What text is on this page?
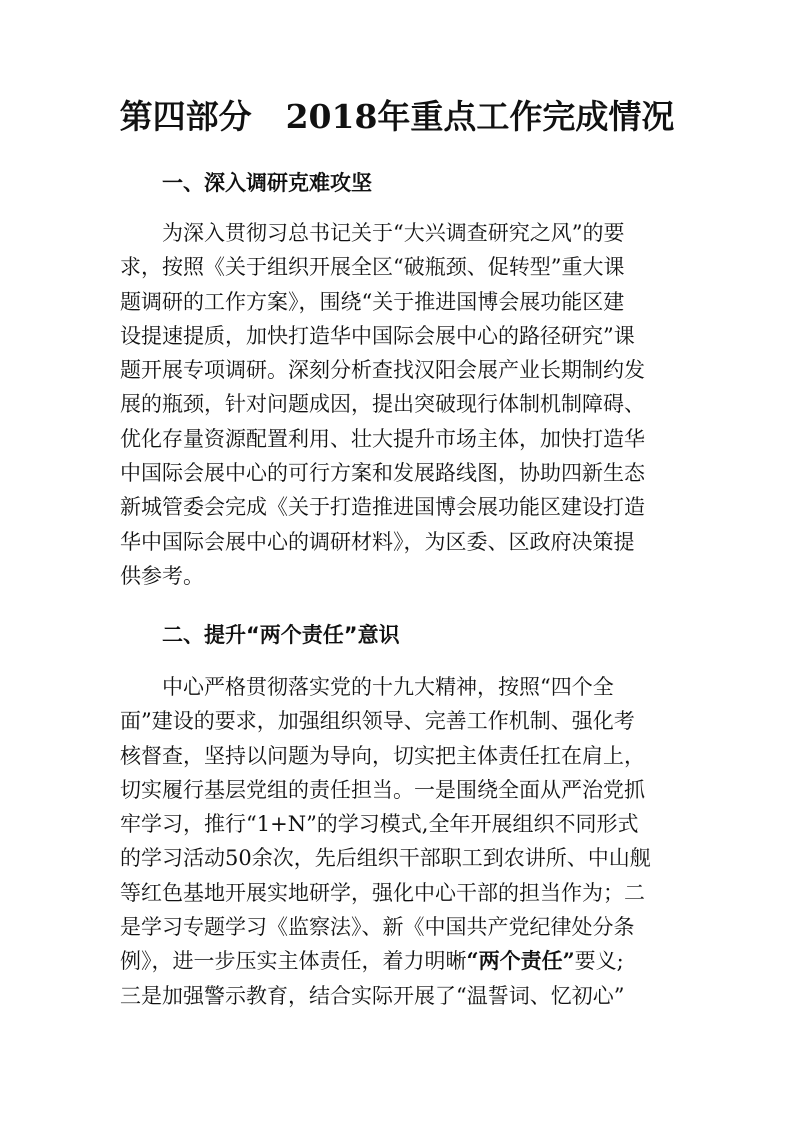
第四部分 2018年重点工作完成情况
一、深入调研克难攻坚
　　为深入贯彻习总书记关于“大兴调查研究之风”的要
求，按照《关于组织开展全区“破瓶颈、促转型”重大课
题调研的工作方案》，围绕“关于推进国博会展功能区建
设提速提质，加快打造华中国际会展中心的路径研究”课
题开展专项调研。深刻分析查找汉阳会展产业长期制约发
展的瓶颈，针对问题成因，提出突破现行体制机制障碍、
优化存量资源配置利用、壮大提升市场主体，加快打造华
中国际会展中心的可行方案和发展路线图，协助四新生态
新城管委会完成《关于打造推进国博会展功能区建设打造
华中国际会展中心的调研材料》，为区委、区政府决策提
供参考。
二、提升“两个责任”意识
　　中心严格贯彻落实党的十九大精神，按照“四个全
面”建设的要求，加强组织领导、完善工作机制、强化考
核督查，坚持以问题为导向，切实把主体责任扛在肩上，
切实履行基层党组的责任担当。一是围绕全面从严治党抓
牢学习，推行“1+N”的学习模式,全年开展组织不同形式
的学习活动50余次，先后组织干部职工到农讲所、中山舰
等红色基地开展实地研学，强化中心干部的担当作为；二
是学习专题学习《监察法》、新《中国共产党纪律处分条
例》，进一步压实主体责任，着力明晰“两个责任”要义;
三是加强警示教育，结合实际开展了“温誓词、忆初心”
